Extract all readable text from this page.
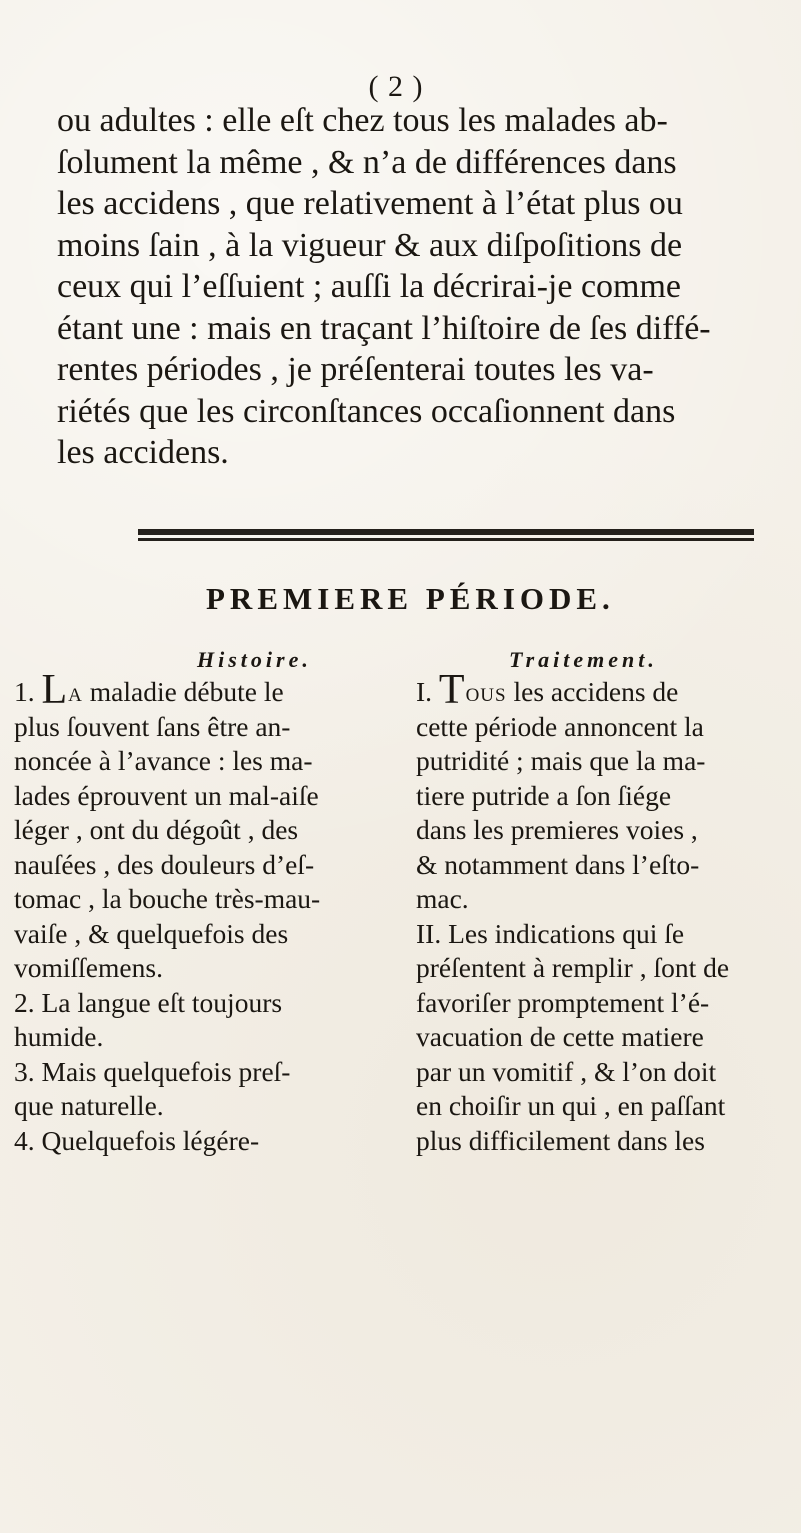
( 2 )

ou adultes : elle eſt chez tous les malades ab-
ſolument la même , & n’a de différences dans
les accidens , que relativement à l’état plus ou
moins ſain , à la vigueur & aux diſpoſitions de
ceux qui l’eſſuient ; auſſi la décrirai-je comme
étant une : mais en traçant l’hiſtoire de ſes diffé-
rentes périodes , je préſenterai toutes les va-
riétés que les circonſtances occaſionnent dans
les accidens.

PREMIERE PÉRIODE.
Histoire.	Traitement.

1. La maladie débute le

plus ſouvent ſans être an-

noncée à l’avance : les ma-

lades éprouvent un mal-aiſe

léger , ont du dégoût , des

nauſées , des douleurs d’eſ-

tomac , la bouche très-mau-

vaiſe , & quelquefois des

vomiſſemens.

2. La langue eſt toujours

humide.

3. Mais quelquefois preſ-

que naturelle.

4. Quelquefois légére-

I. Tous les accidens de

cette période annoncent la

putridité ; mais que la ma-

tiere putride a ſon ſiége

dans les premieres voies ,

& notamment dans l’eſto-

mac.

II. Les indications qui ſe

préſentent à remplir , ſont de

favoriſer promptement l’é-

vacuation de cette matiere

par un vomitif , & l’on doit

en choiſir un qui , en paſſant

plus difficilement dans les
